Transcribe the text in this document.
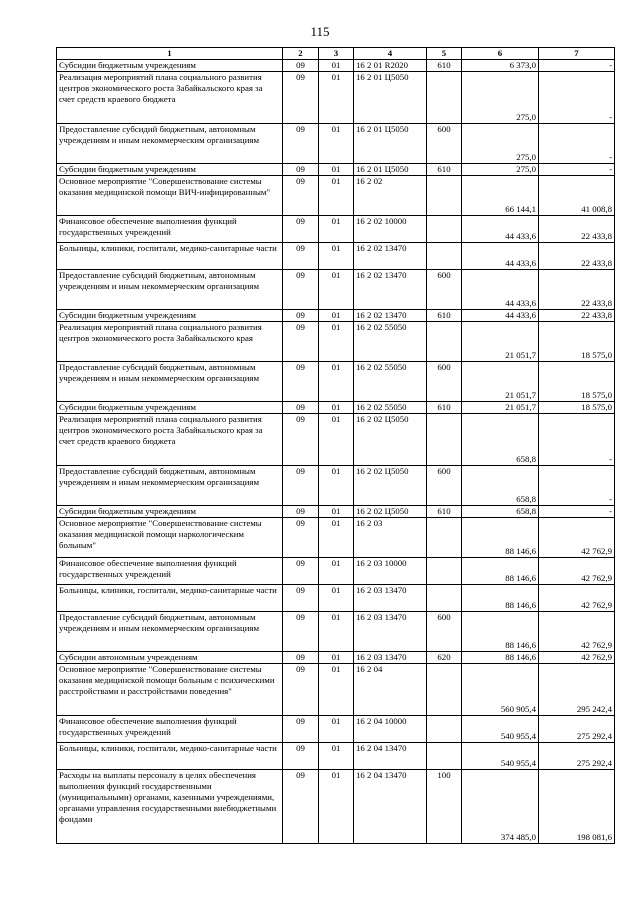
115
1	2	3	4	5	6	7
Субсидии бюджетным учреждениям	09	01	16 2 01 R2020	610	6 373,0	-
Реализация мероприятий плана социального развития центров экономического роста Забайкальского края за счет средств краевого бюджета	09	01	16 2 01 Ц5050		275,0	-
Предоставление субсидий бюджетным, автономным учреждениям и иным некоммерческим организациям	09	01	16 2 01 Ц5050	600	275,0	-
Субсидии бюджетным учреждениям	09	01	16 2 01 Ц5050	610	275,0	-
Основное мероприятие "Совершенствование системы оказания медицинской помощи ВИЧ-инфицированным"	09	01	16 2 02		66 144,1	41 008,8
Финансовое обеспечение выполнения функций государственных учреждений	09	01	16 2 02 10000		44 433,6	22 433,8
Больницы, клиники, госпитали, медико-санитарные части	09	01	16 2 02 13470		44 433,6	22 433,8
Предоставление субсидий бюджетным, автономным учреждениям и иным некоммерческим организациям	09	01	16 2 02 13470	600	44 433,6	22 433,8
Субсидии бюджетным учреждениям	09	01	16 2 02 13470	610	44 433,6	22 433,8
Реализация мероприятий плана социального развития центров экономического роста Забайкальского края	09	01	16 2 02 55050		21 051,7	18 575,0
Предоставление субсидий бюджетным, автономным учреждениям и иным некоммерческим организациям	09	01	16 2 02 55050	600	21 051,7	18 575,0
Субсидии бюджетным учреждениям	09	01	16 2 02 55050	610	21 051,7	18 575,0
Реализация мероприятий плана социального развития центров экономического роста Забайкальского края за счет средств краевого бюджета	09	01	16 2 02 Ц5050		658,8	-
Предоставление субсидий бюджетным, автономным учреждениям и иным некоммерческим организациям	09	01	16 2 02 Ц5050	600	658,8	-
Субсидии бюджетным учреждениям	09	01	16 2 02 Ц5050	610	658,8	-
Основное мероприятие "Совершенствование системы оказания медицинской помощи наркологическим больным"	09	01	16 2 03		88 146,6	42 762,9
Финансовое обеспечение выполнения функций государственных учреждений	09	01	16 2 03 10000		88 146,6	42 762,9
Больницы, клиники, госпитали, медико-санитарные части	09	01	16 2 03 13470		88 146,6	42 762,9
Предоставление субсидий бюджетным, автономным учреждениям и иным некоммерческим организациям	09	01	16 2 03 13470	600	88 146,6	42 762,9
Субсидии автономным учреждениям	09	01	16 2 03 13470	620	88 146,6	42 762,9
Основное мероприятие "Совершенствование системы оказания медицинской помощи больным с психическими расстройствами и расстройствами поведения"	09	01	16 2 04		560 905,4	295 242,4
Финансовое обеспечение выполнения функций государственных учреждений	09	01	16 2 04 10000		540 955,4	275 292,4
Больницы, клиники, госпитали, медико-санитарные части	09	01	16 2 04 13470		540 955,4	275 292,4
Расходы на выплаты персоналу в целях обеспечения выполнения функций государственными (муниципальными) органами, казенными учреждениями, органами управления государственными внебюджетными фондами	09	01	16 2 04 13470	100	374 485,0	198 081,6
